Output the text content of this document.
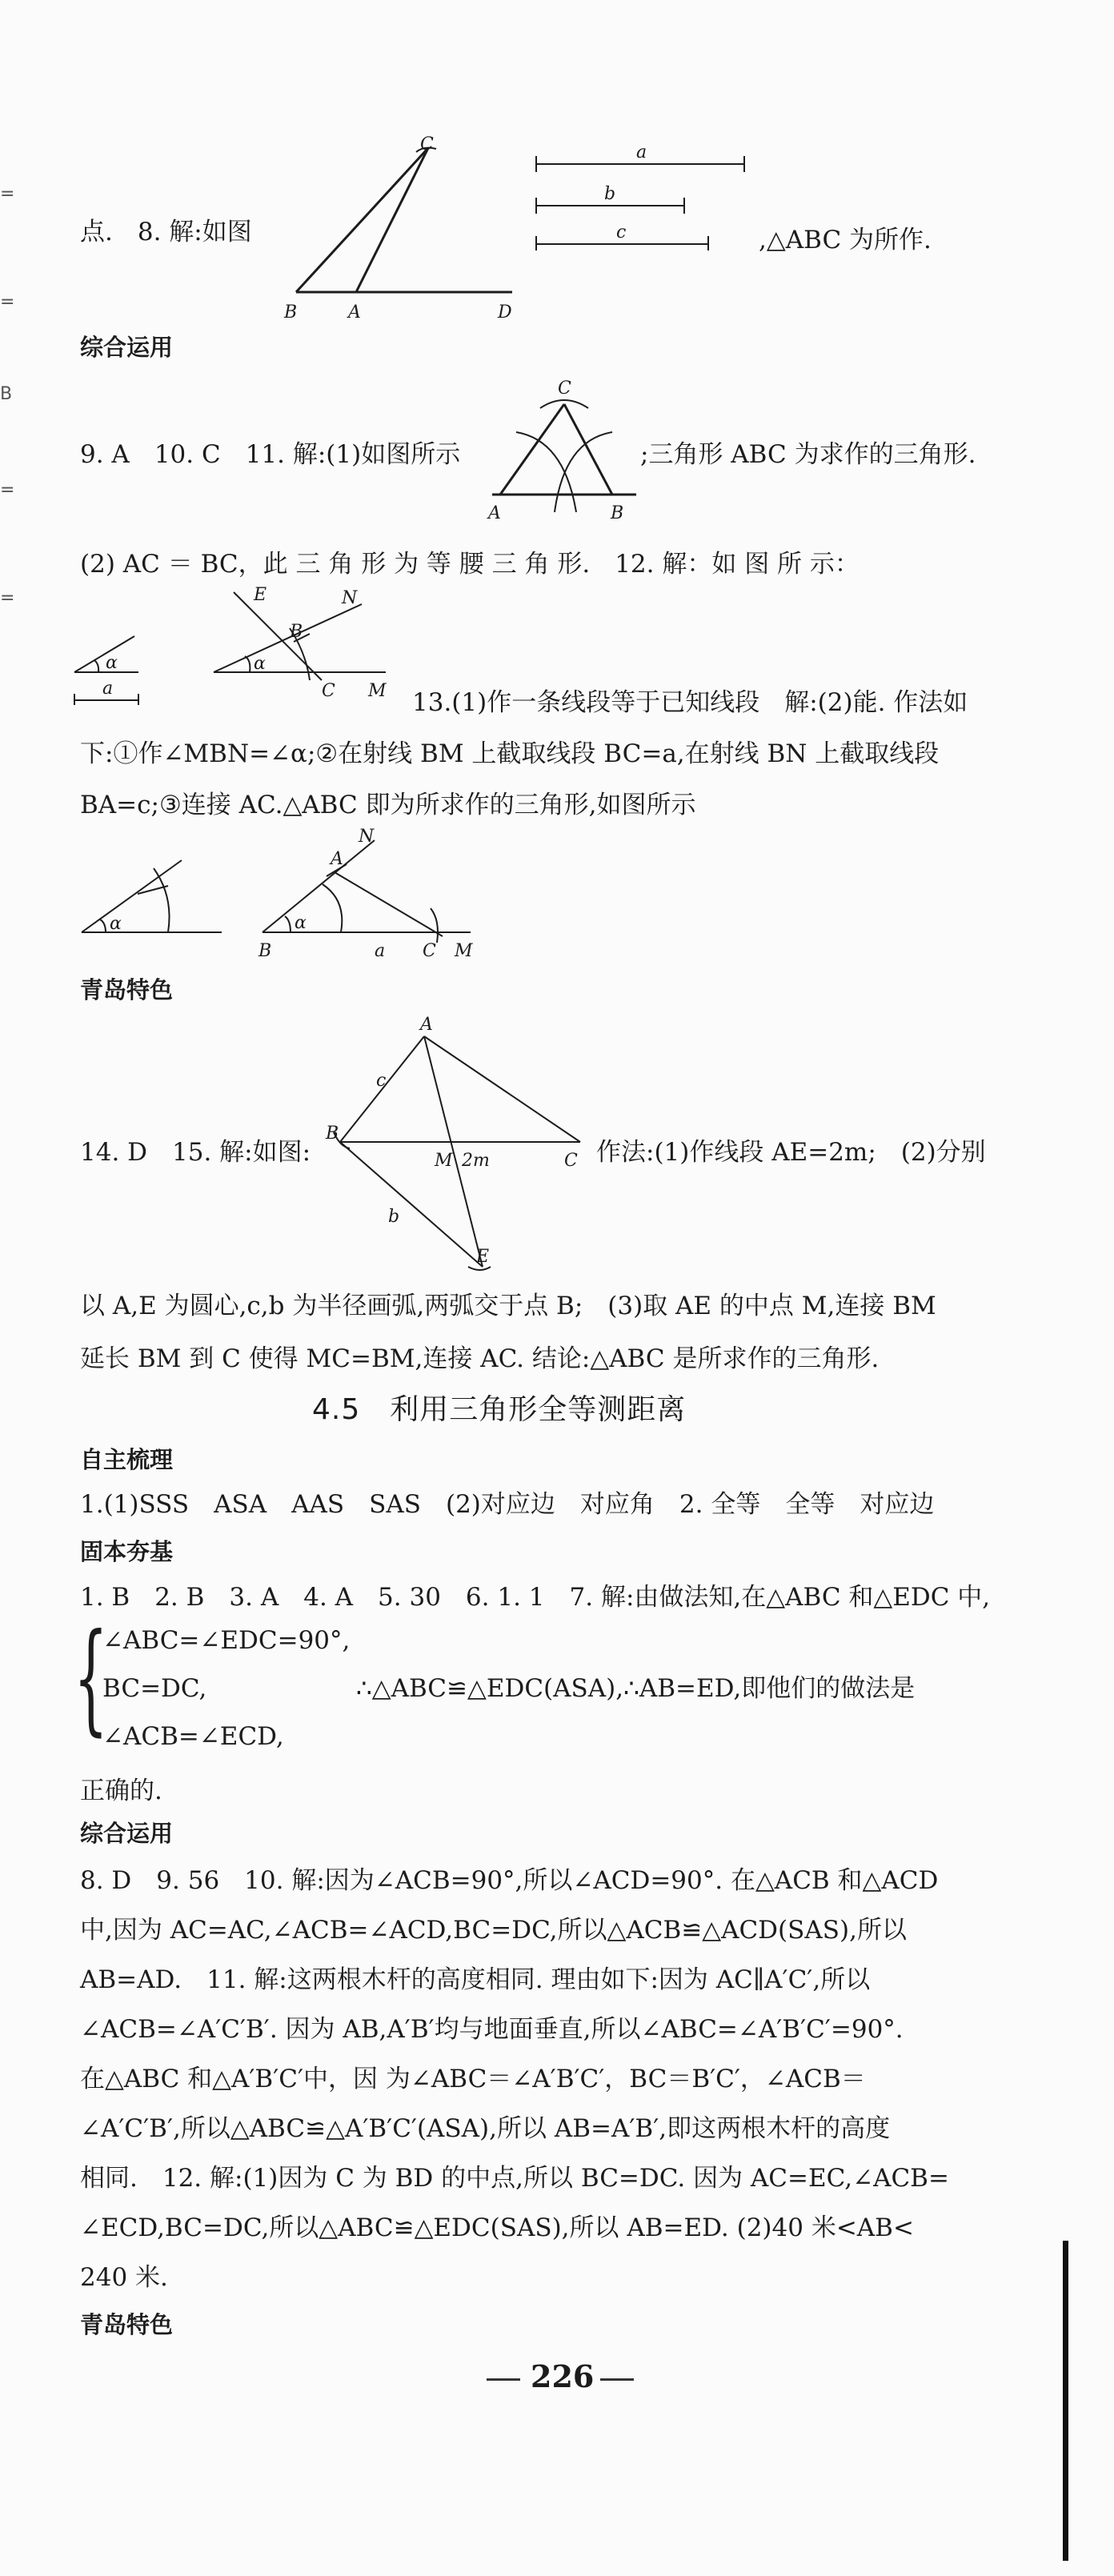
=
=
B
=
=
点.　8. 解:如图
C
B	A	D
a
b
c	,△ABC 为所作.
综合运用
9. A　10. C　11. 解:(1)如图所示
C
A	B
;三角形 ABC 为求作的三角形.
(2) AC ＝ BC，此 三 角 形 为 等 腰 三 角 形.　12. 解：如 图 所 示：
α
a
α
E	N
B
C M 13.(1)作一条线段等于已知线段　解:(2)能. 作法如
下:①作∠MBN=∠α;②在射线 BM 上截取线段 BC=a,在射线 BN 上截取线段
BA=c;③连接 AC.△ABC 即为所求作的三角形,如图所示
α	α
A
N
B	a C M
青岛特色
A
B
M 2m	C
E
c
b
14. D　15. 解:如图:	作法:(1)作线段 AE=2m;　(2)分别
以 A,E 为圆心,c,b 为半径画弧,两弧交于点 B;　(3)取 AE 的中点 M,连接 BM
延长 BM 到 C 使得 MC=BM,连接 AC. 结论:△ABC 是所求作的三角形.
4.5　利用三角形全等测距离
自主梳理
1.(1)SSS　ASA　AAS　SAS　(2)对应边　对应角　2. 全等　全等　对应边
固本夯基
1. B　2. B　3. A　4. A　5. 30　6. 1. 1　7. 解:由做法知,在△ABC 和△EDC 中,
{
∠ABC=∠EDC=90°,
BC=DC,
∠ACB=∠ECD,
∴△ABC≌△EDC(ASA),∴AB=ED,即他们的做法是
正确的.
综合运用
8. D　9. 56　10. 解:因为∠ACB=90°,所以∠ACD=90°. 在△ACB 和△ACD
中,因为 AC=AC,∠ACB=∠ACD,BC=DC,所以△ACB≌△ACD(SAS),所以
AB=AD.　11. 解:这两根木杆的高度相同. 理由如下:因为 AC∥A′C′,所以
∠ACB=∠A′C′B′. 因为 AB,A′B′均与地面垂直,所以∠ABC=∠A′B′C′=90°.
在△ABC 和△A′B′C′中，因 为∠ABC＝∠A′B′C′，BC＝B′C′，∠ACB＝
∠A′C′B′,所以△ABC≌△A′B′C′(ASA),所以 AB=A′B′,即这两根木杆的高度
相同.　12. 解:(1)因为 C 为 BD 的中点,所以 BC=DC. 因为 AC=EC,∠ACB=
∠ECD,BC=DC,所以△ABC≌△EDC(SAS),所以 AB=ED. (2)40 米<AB<
240 米.
青岛特色
226
